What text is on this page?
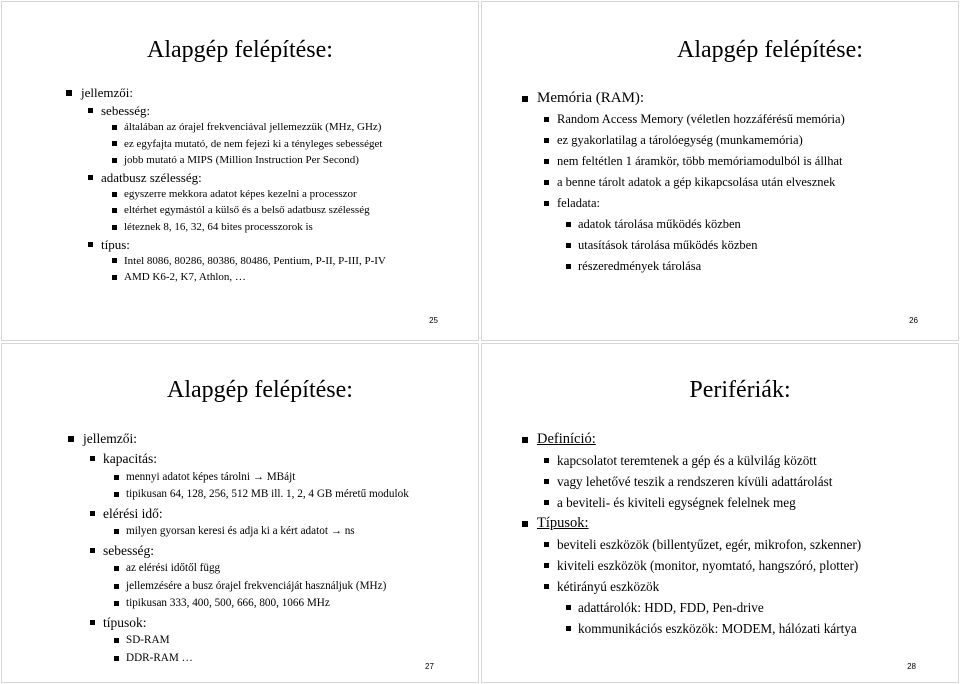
Alapgép felépítése:
jellemzői:
sebesség:
általában az órajel frekvenciával jellemezzük (MHz, GHz)
ez egyfajta mutató, de nem fejezi ki a tényleges sebességet
jobb mutató a MIPS (Million Instruction Per Second)
adatbusz szélesség:
egyszerre mekkora adatot képes kezelni a processzor
eltérhet egymástól a külső és a belső adatbusz szélesség
léteznek 8, 16, 32, 64 bites processzorok is
típus:
Intel 8086, 80286, 80386, 80486, Pentium, P-II, P-III, P-IV
AMD K6-2, K7, Athlon, …
25
Alapgép felépítése:
Memória (RAM):
Random Access Memory (véletlen hozzáférésű memória)
ez gyakorlatilag a tárolóegység (munkamemória)
nem feltétlen 1 áramkör, több memóriamodulból is állhat
a benne tárolt adatok a gép kikapcsolása után elvesznek
feladata:
adatok tárolása működés közben
utasítások tárolása működés közben
részeredmények tárolása
26
Alapgép felépítése:
jellemzői:
kapacitás:
mennyi adatot képes tárolni → MBájt
tipikusan 64, 128, 256, 512 MB ill. 1, 2, 4 GB méretű modulok
elérési idő:
milyen gyorsan keresi és adja ki a kért adatot → ns
sebesség:
az elérési időtől függ
jellemzésére a busz órajel frekvenciáját használjuk (MHz)
tipikusan 333, 400, 500, 666, 800, 1066 MHz
típusok:
SD-RAM
DDR-RAM …
27
Perifériák:
Definíció:
kapcsolatot teremtenek a gép és a külvilág között
vagy lehetővé teszik a rendszeren kívüli adattárolást
a beviteli- és kiviteli egységnek felelnek meg
Típusok:
beviteli eszközök (billentyűzet, egér, mikrofon, szkenner)
kiviteli eszközök (monitor, nyomtató, hangszóró, plotter)
kétirányú eszközök
adattárolók: HDD, FDD, Pen-drive
kommunikációs eszközök: MODEM, hálózati kártya
28
